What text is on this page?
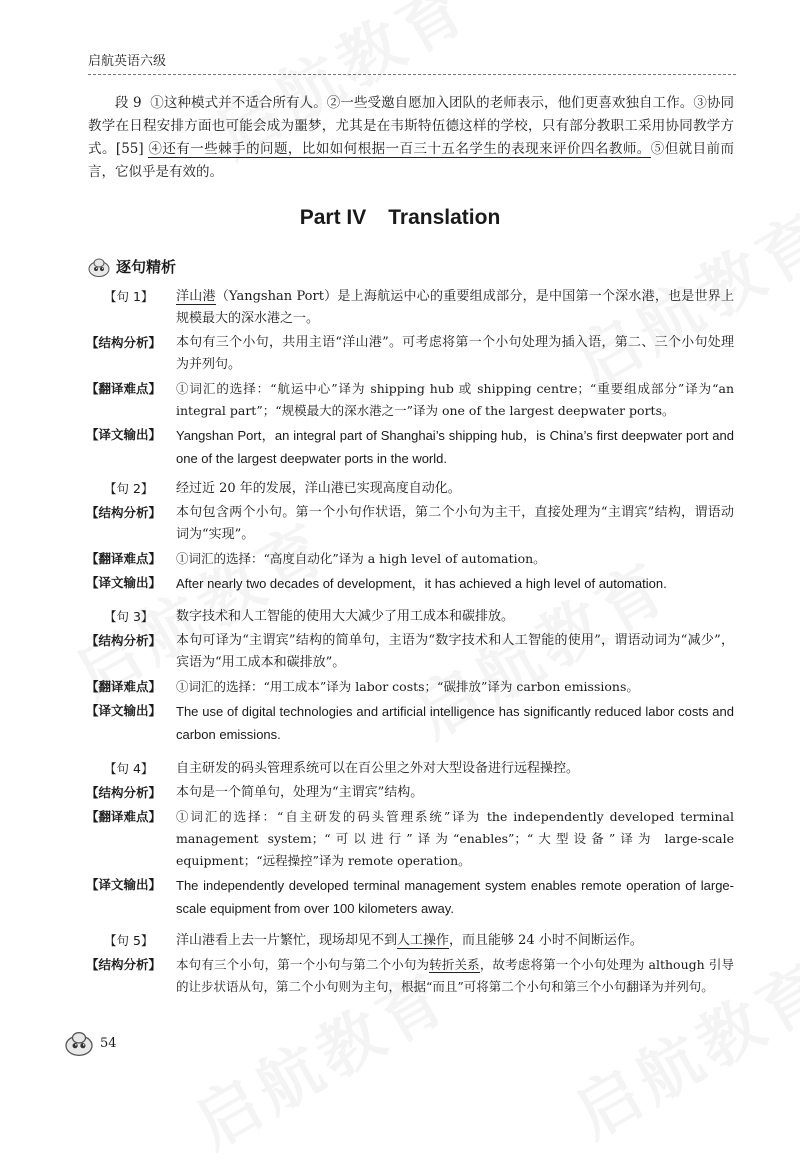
启航英语六级
段 9 ①这种模式并不适合所有人。②一些受邀自愿加入团队的老师表示，他们更喜欢独自工作。③协同教学在日程安排方面也可能会成为噩梦，尤其是在韦斯特伍德这样的学校，只有部分教职工采用协同教学方式。[55] ④还有一些棘手的问题，比如如何根据一百三十五名学生的表现来评价四名教师。⑤但就目前而言，它似乎是有效的。
Part IV Translation
逐句精析
【句 1】	洋山港（Yangshan Port）是上海航运中心的重要组成部分，是中国第一个深水港，也是世界上规模最大的深水港之一。
【结构分析】	本句有三个小句，共用主语“洋山港”。可考虑将第一个小句处理为插入语，第二、三个小句处理为并列句。
【翻译难点】	①词汇的选择：“航运中心”译为 shipping hub 或 shipping centre；“重要组成部分”译为“an integral part”；“规模最大的深水港之一”译为 one of the largest deepwater ports。
【译文输出】	Yangshan Port，an integral part of Shanghai’s shipping hub，is China’s first deepwater port and one of the largest deepwater ports in the world.
【句 2】	经过近 20 年的发展，洋山港已实现高度自动化。
【结构分析】	本句包含两个小句。第一个小句作状语，第二个小句为主干，直接处理为“主谓宾”结构，谓语动词为“实现”。
【翻译难点】	①词汇的选择：“高度自动化”译为 a high level of automation。
【译文输出】	After nearly two decades of development，it has achieved a high level of automation.
【句 3】	数字技术和人工智能的使用大大减少了用工成本和碳排放。
【结构分析】	本句可译为“主谓宾”结构的简单句，主语为“数字技术和人工智能的使用”，谓语动词为“减少”，宾语为“用工成本和碳排放”。
【翻译难点】	①词汇的选择：“用工成本”译为 labor costs；“碳排放”译为 carbon emissions。
【译文输出】	The use of digital technologies and artificial intelligence has significantly reduced labor costs and carbon emissions.
【句 4】	自主研发的码头管理系统可以在百公里之外对大型设备进行远程操控。
【结构分析】	本句是一个简单句，处理为“主谓宾”结构。
【翻译难点】	①词汇的选择：“自主研发的码头管理系统”译为 the independently developed terminal management system；“可以进行”译为“enables”；“大型设备”译为 large-scale equipment；“远程操控”译为 remote operation。
【译文输出】	The independently developed terminal management system enables remote operation of large-scale equipment from over 100 kilometers away.
【句 5】	洋山港看上去一片繁忙，现场却见不到人工操作，而且能够 24 小时不间断运作。
【结构分析】	本句有三个小句，第一个小句与第二个小句为转折关系，故考虑将第一个小句处理为 although 引导的让步状语从句，第二个小句则为主句，根据“而且”可将第二个小句和第三个小句翻译为并列句。
54
